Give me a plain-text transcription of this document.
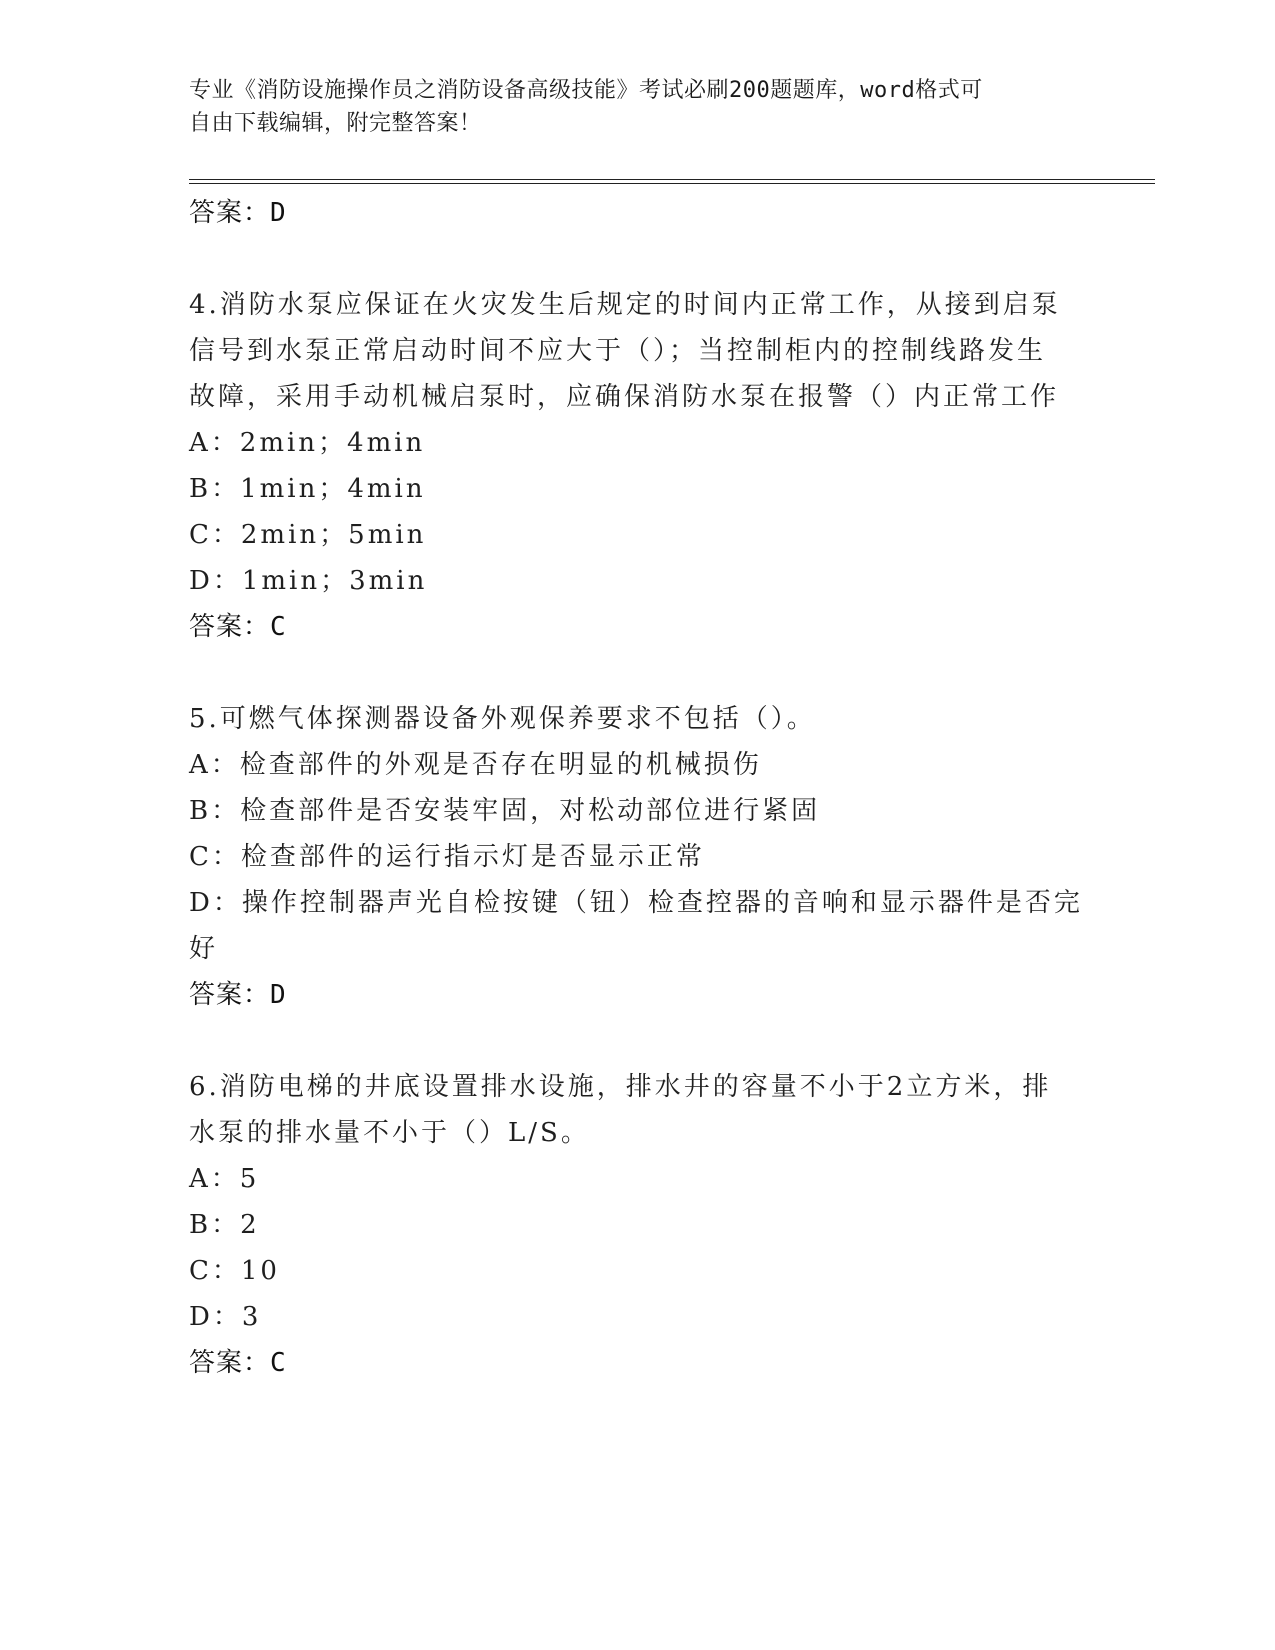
专业《消防设施操作员之消防设备高级技能》考试必刷200题题库，word格式可
自由下载编辑，附完整答案！
答案：D
4.消防水泵应保证在火灾发生后规定的时间内正常工作，从接到启泵
信号到水泵正常启动时间不应大于（）；当控制柜内的控制线路发生
故障，采用手动机械启泵时，应确保消防水泵在报警（）内正常工作
A：2min；4min
B：1min；4min
C：2min；5min
D：1min；3min
答案：C
5.可燃气体探测器设备外观保养要求不包括（）。
A：检查部件的外观是否存在明显的机械损伤
B：检查部件是否安装牢固，对松动部位进行紧固
C：检查部件的运行指示灯是否显示正常
D：操作控制器声光自检按键（钮）检查控器的音响和显示器件是否完
好
答案：D
6.消防电梯的井底设置排水设施，排水井的容量不小于2立方米，排
水泵的排水量不小于（）L/S。
A：5
B：2
C：10
D：3
答案：C
